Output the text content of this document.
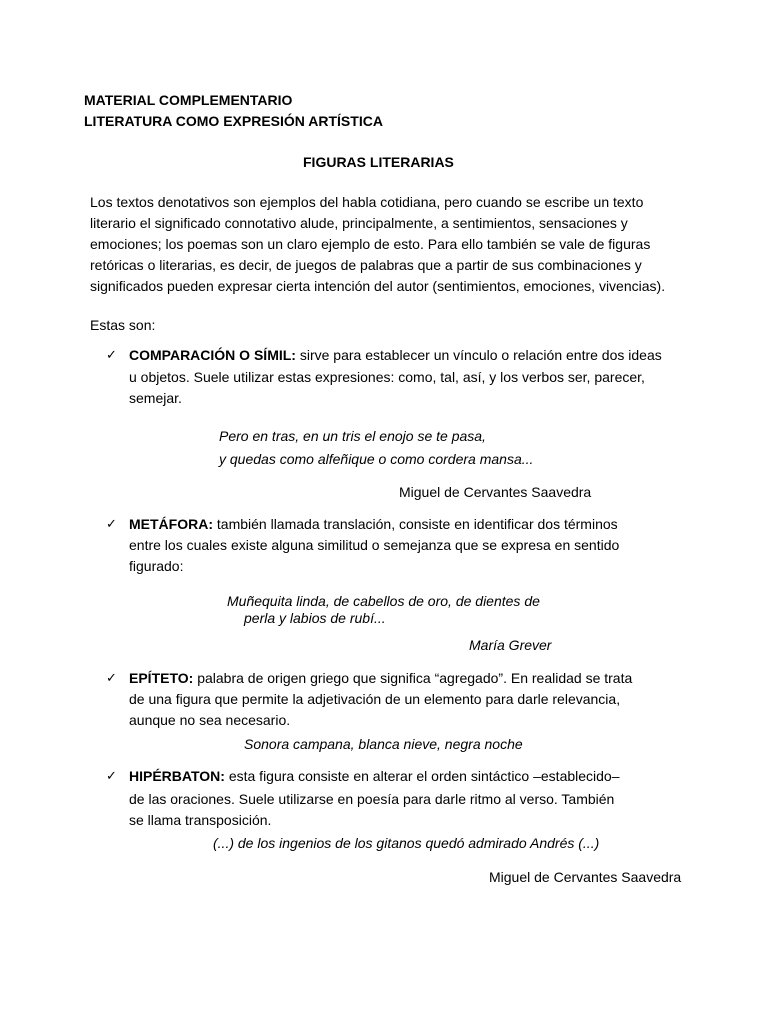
MATERIAL COMPLEMENTARIO
LITERATURA COMO EXPRESIÓN ARTÍSTICA
FIGURAS LITERARIAS
Los textos denotativos son ejemplos del habla cotidiana, pero cuando se escribe un texto
literario el significado connotativo alude, principalmente, a sentimientos, sensaciones y
emociones; los poemas son un claro ejemplo de esto. Para ello también se vale de figuras
retóricas o literarias, es decir, de juegos de palabras que a partir de sus combinaciones y
significados pueden expresar cierta intención del autor (sentimientos, emociones, vivencias).
Estas son:
✓ COMPARACIÓN O SÍMIL: sirve para establecer un vínculo o relación entre dos ideas
u objetos. Suele utilizar estas expresiones: como, tal, así, y los verbos ser, parecer,
semejar.
Pero en tras, en un tris el enojo se te pasa,
y quedas como alfeñique o como cordera mansa...
Miguel de Cervantes Saavedra
✓ METÁFORA: también llamada translación, consiste en identificar dos términos
entre los cuales existe alguna similitud o semejanza que se expresa en sentido
figurado:
Muñequita linda, de cabellos de oro, de dientes de
perla y labios de rubí...
María Grever
✓ EPÍTETO: palabra de origen griego que significa “agregado”. En realidad se trata
de una figura que permite la adjetivación de un elemento para darle relevancia,
aunque no sea necesario.
Sonora campana, blanca nieve, negra noche
✓ HIPÉRBATON: esta figura consiste en alterar el orden sintáctico –establecido–
de las oraciones. Suele utilizarse en poesía para darle ritmo al verso. También
se llama transposición.
(...) de los ingenios de los gitanos quedó admirado Andrés (...)
Miguel de Cervantes Saavedra
